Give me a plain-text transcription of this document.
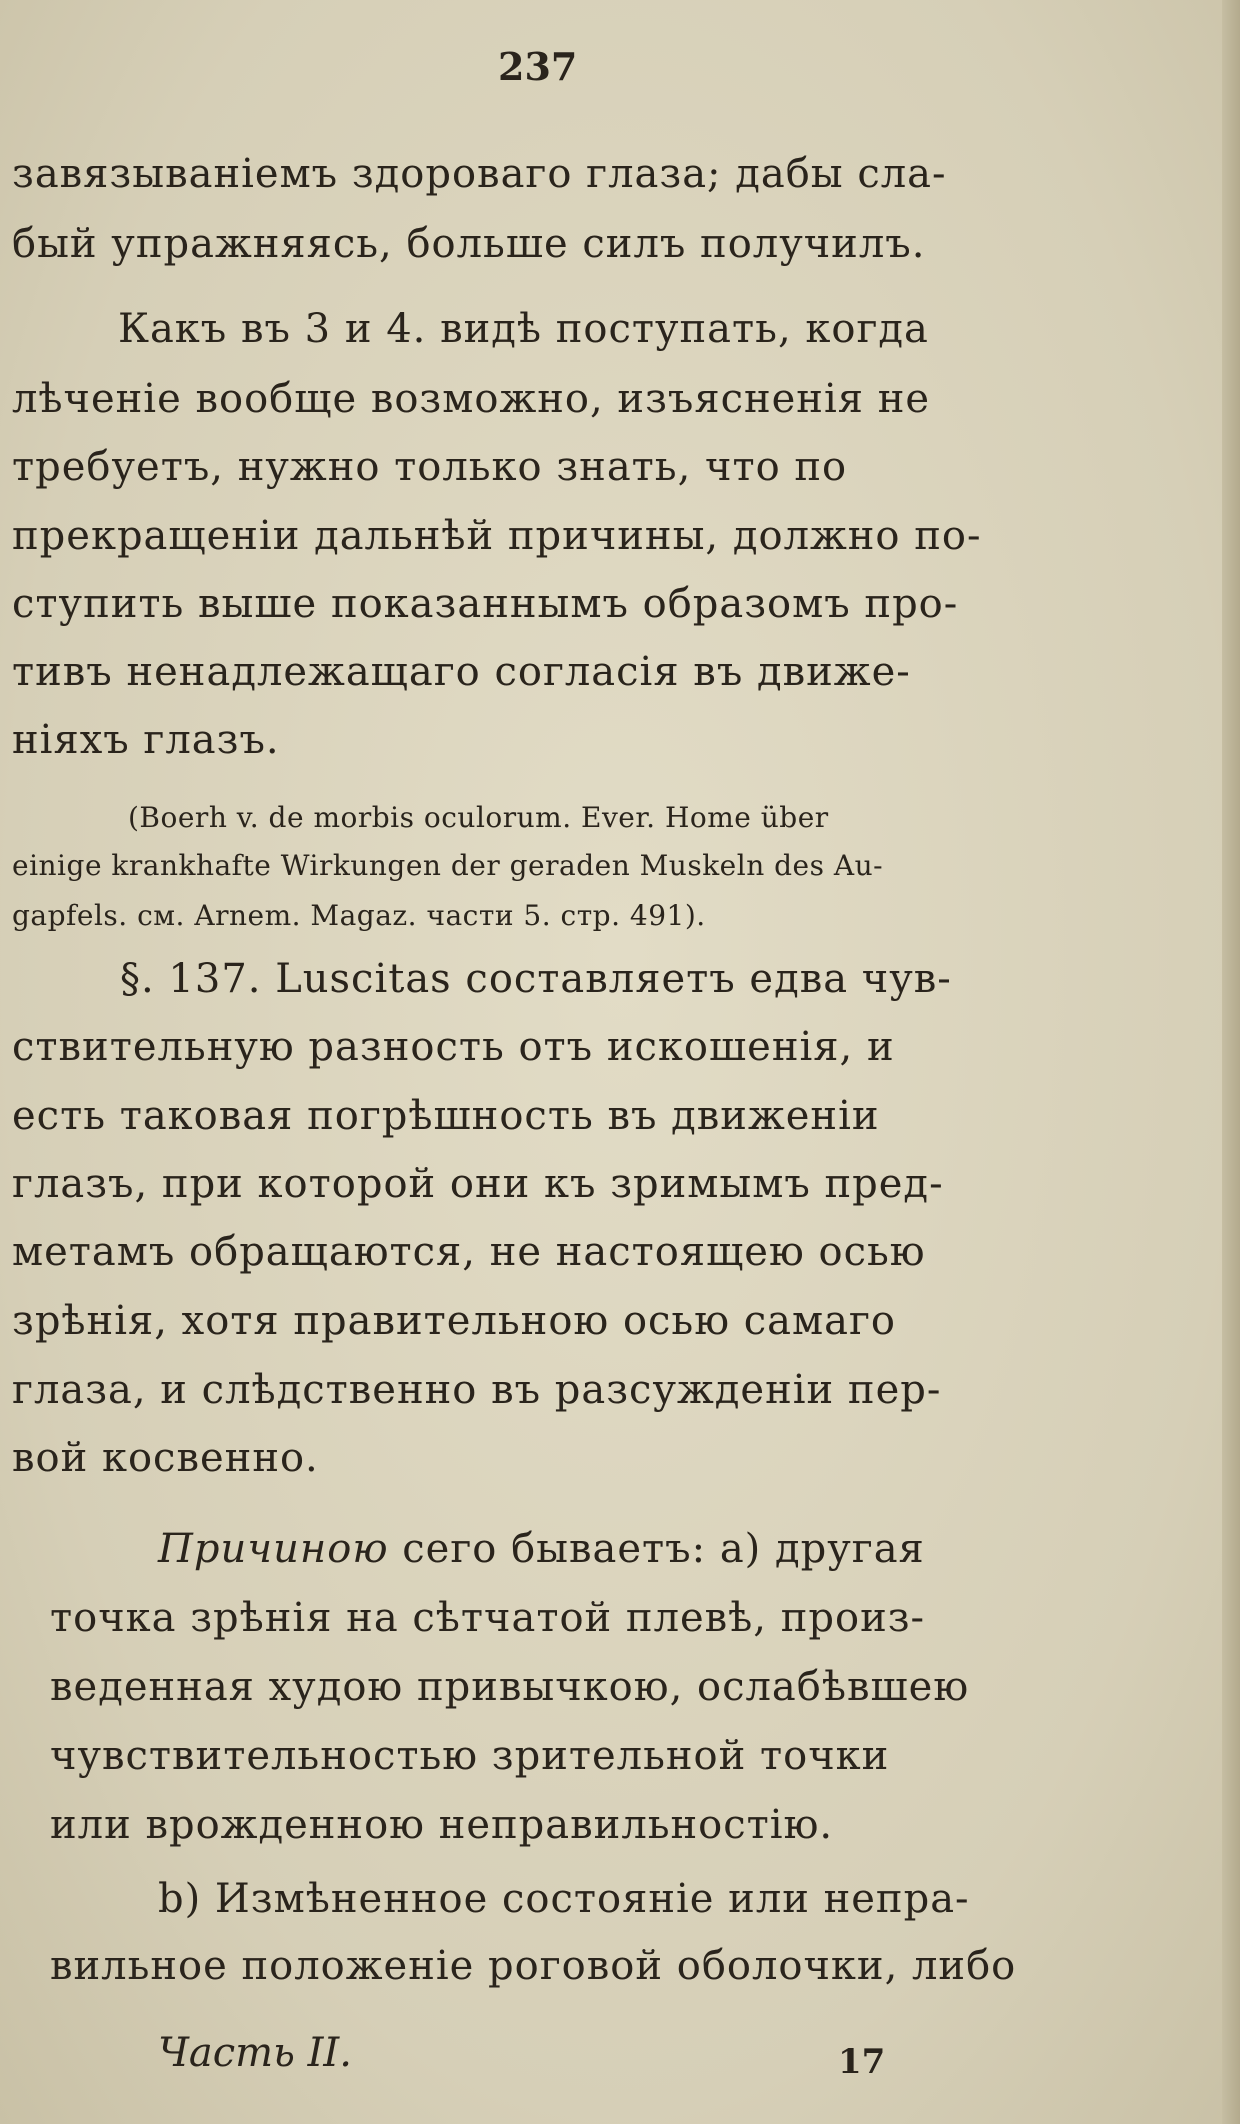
237

завязываніемъ здороваго глаза; дабы сла-

бый упражняясь, больше силъ получилъ.

Какъ въ 3 и 4. видѣ поступать, когда

лѣченіе вообще возможно, изъясненія не

требуетъ, нужно только знать, что по

прекращеніи дальнѣй причины, должно по-

ступить выше показаннымъ образомъ про-

тивъ ненадлежащаго согласія въ движе-

ніяхъ глазъ.

(Boerh v. de morbis oculorum. Ever. Home über

einige krankhafte Wirkungen der geraden Muskeln des Au-

gapfels. см. Arnem. Magaz. части 5. стр. 491).

§. 137. Luscitas составляетъ едва чув-

ствительную разность отъ искошенія, и

есть таковая погрѣшность въ движеніи

глазъ, при которой они къ зримымъ пред-

метамъ обращаются, не настоящею осью

зрѣнія, хотя правительною осью самаго

глаза, и слѣдственно въ разсужденіи пер-

вой косвенно.

Причиною сего бываетъ: a) другая

точка зрѣнія на сѣтчатой плевѣ, произ-

веденная худою привычкою, ослабѣвшею

чувствительностью зрительной точки

или врожденною неправильностію.

b) Измѣненное состояніе или непра-

вильное положеніе роговой оболочки, либо

Часть II.	17
